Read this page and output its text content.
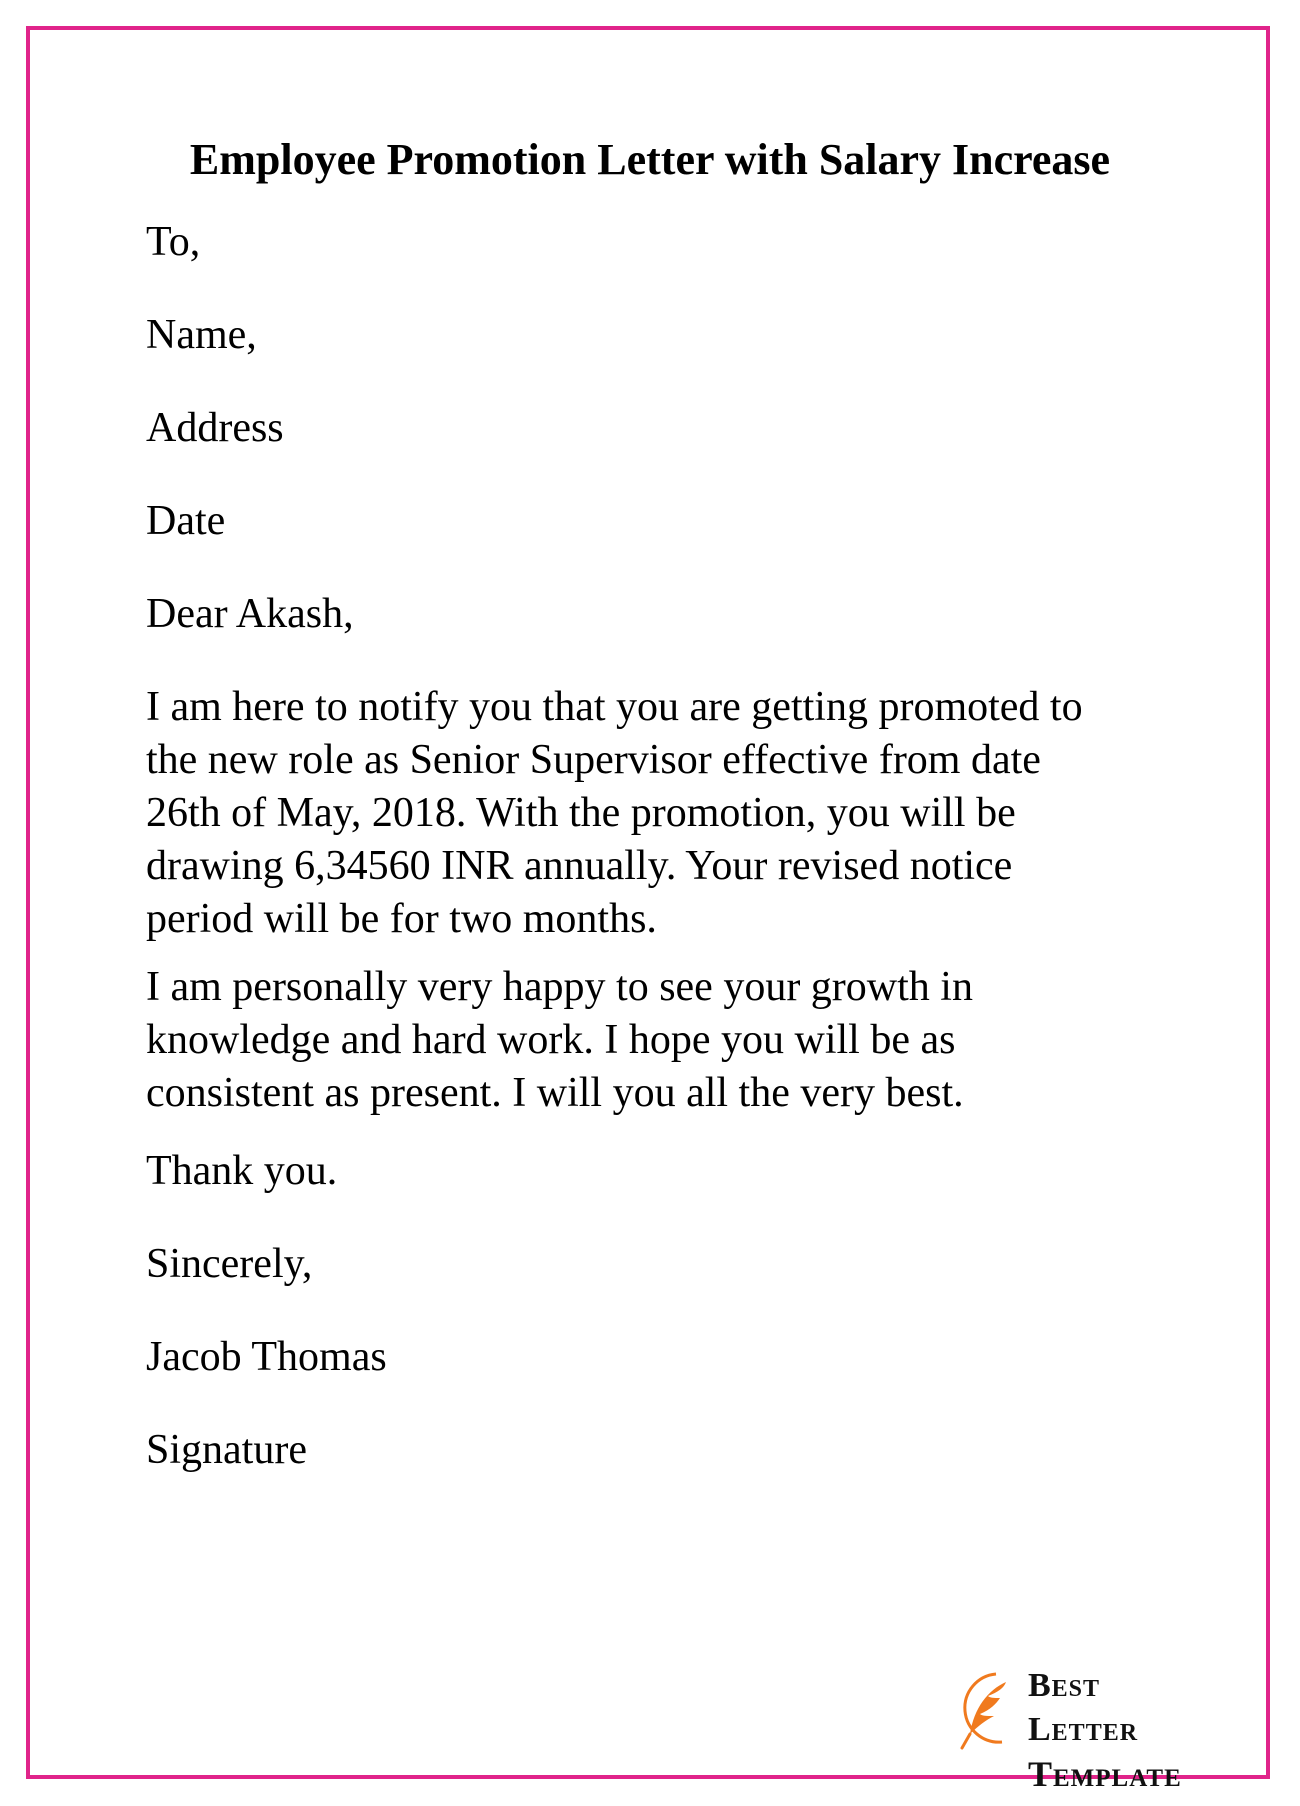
Employee Promotion Letter with Salary Increase

To,

Name,

Address

Date

Dear Akash,

I am here to notify you that you are getting promoted to
the new role as Senior Supervisor effective from date
26th of May, 2018. With the promotion, you will be
drawing 6,34560 INR annually. Your revised notice
period will be for two months.
I am personally very happy to see your growth in
knowledge and hard work. I hope you will be as
consistent as present. I will you all the very best.

Thank you.

Sincerely,

Jacob Thomas

Signature

Best Letter
Template
